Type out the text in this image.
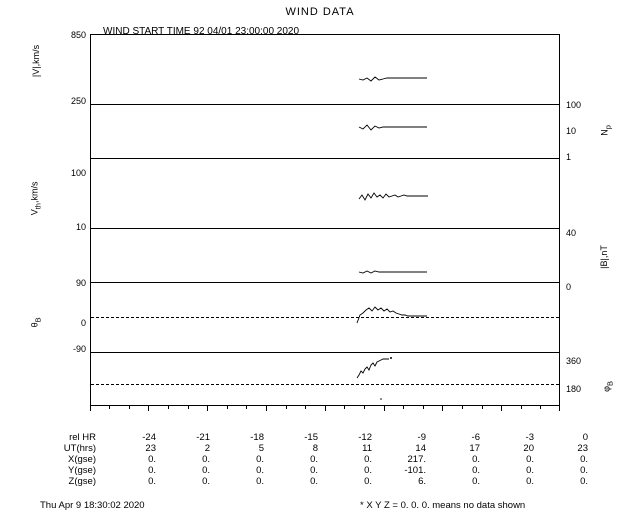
WIND DATA
WIND START TIME 92 04/01 23:00:00 2020
850
250
|V|,km/s
100
10
$V_{th},km/s$
90
0
-90
$\theta_B$
100
10
1
$N_p$
40
0
|B|,nT
360
180 $\varphi_B$
rel HR	-24	-21	-18	-15	-12	-9	-6	-3	0
UT(hrs)	23	2	5	8	11	14	17	20	23
X(gse)	0.	0.	0.	0.	0.	217.	0.	0.	0.
Y(gse)	0.	0.	0.	0.	0.	-101.	0.	0.	0.
Z(gse)	0.	0.	0.	0.	0.	6.	0.	0.	0.
Thu Apr 9 18:30:02 2020	* X Y Z = 0. 0. 0. means no data shown
